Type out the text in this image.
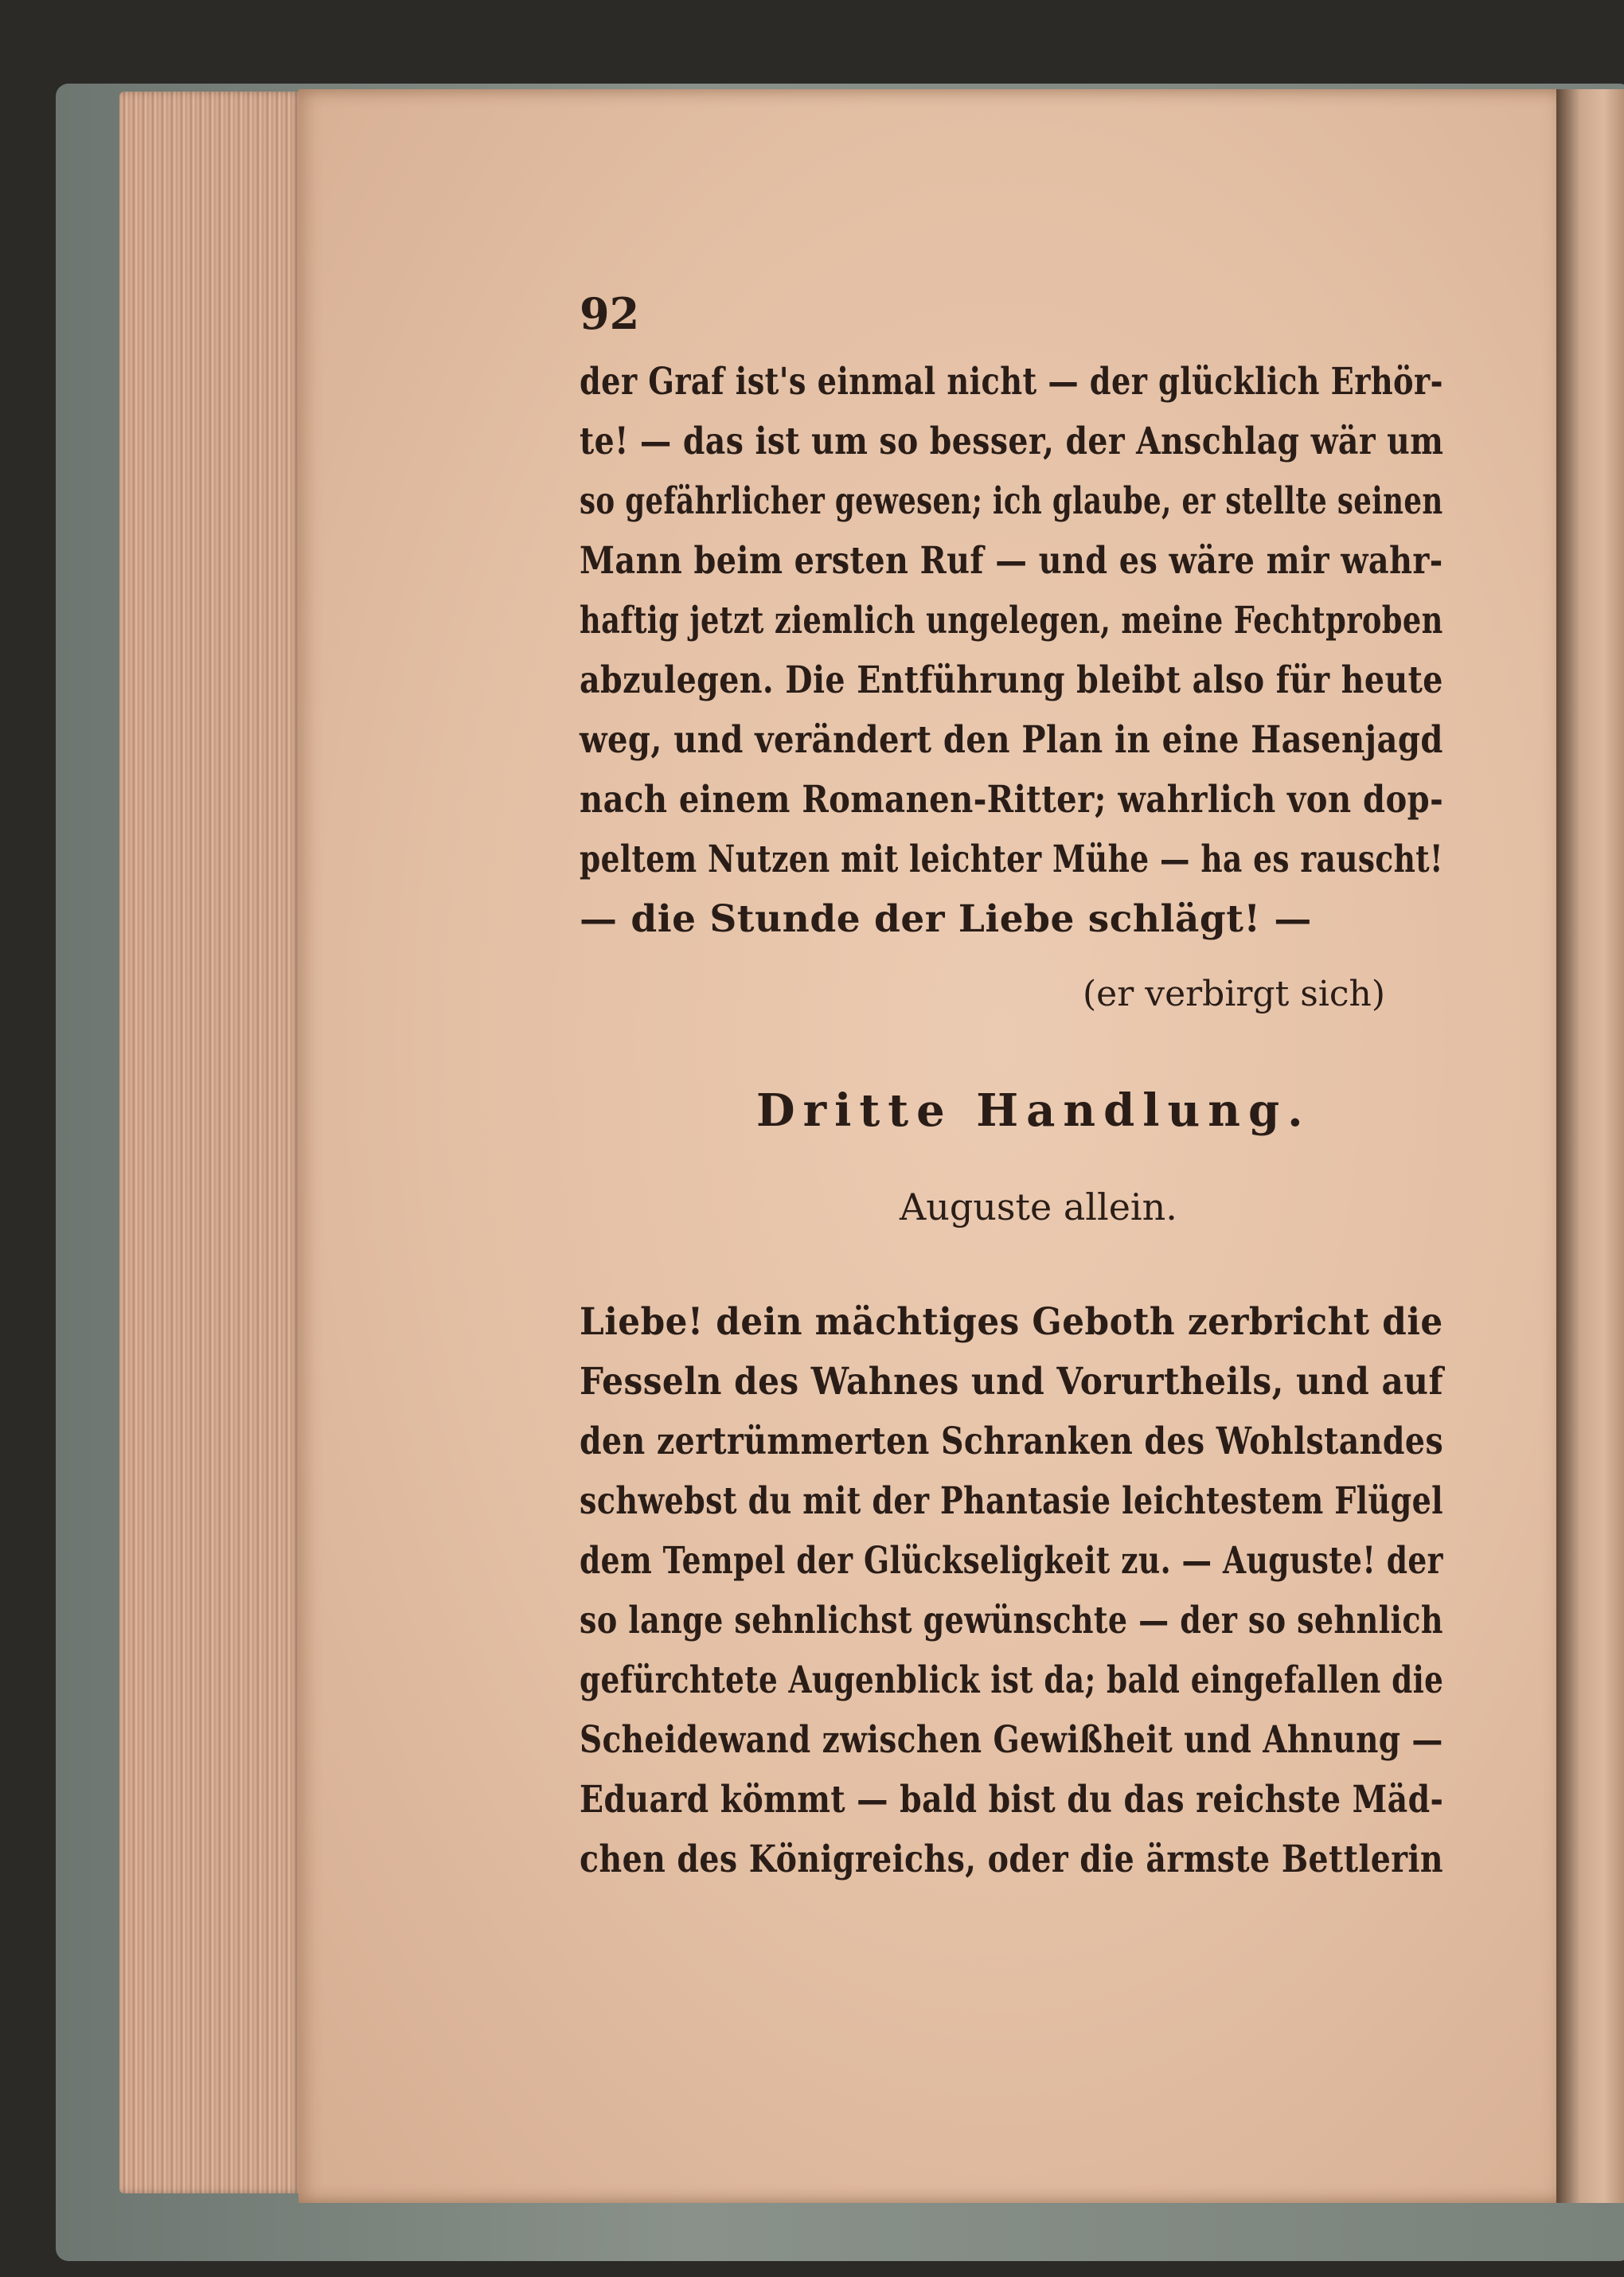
92
der Graf ist's einmal nicht — der glücklich Erhör-
te! — das ist um so besser, der Anschlag wär um
so gefährlicher gewesen; ich glaube, er stellte seinen
Mann beim ersten Ruf — und es wäre mir wahr-
haftig jetzt ziemlich ungelegen, meine Fechtproben
abzulegen. Die Entführung bleibt also für heute
weg, und verändert den Plan in eine Hasenjagd
nach einem Romanen-Ritter; wahrlich von dop-
peltem Nutzen mit leichter Mühe — ha es rauscht!
— die Stunde der Liebe schlägt! —
(er verbirgt sich)
Dritte Handlung.
Auguste allein.
Liebe! dein mächtiges Geboth zerbricht die
Fesseln des Wahnes und Vorurtheils, und auf
den zertrümmerten Schranken des Wohlstandes
schwebst du mit der Phantasie leichtestem Flügel
dem Tempel der Glückseligkeit zu. — Auguste! der
so lange sehnlichst gewünschte — der so sehnlich
gefürchtete Augenblick ist da; bald eingefallen die
Scheidewand zwischen Gewißheit und Ahnung —
Eduard kömmt — bald bist du das reichste Mäd-
chen des Königreichs, oder die ärmste Bettlerin
